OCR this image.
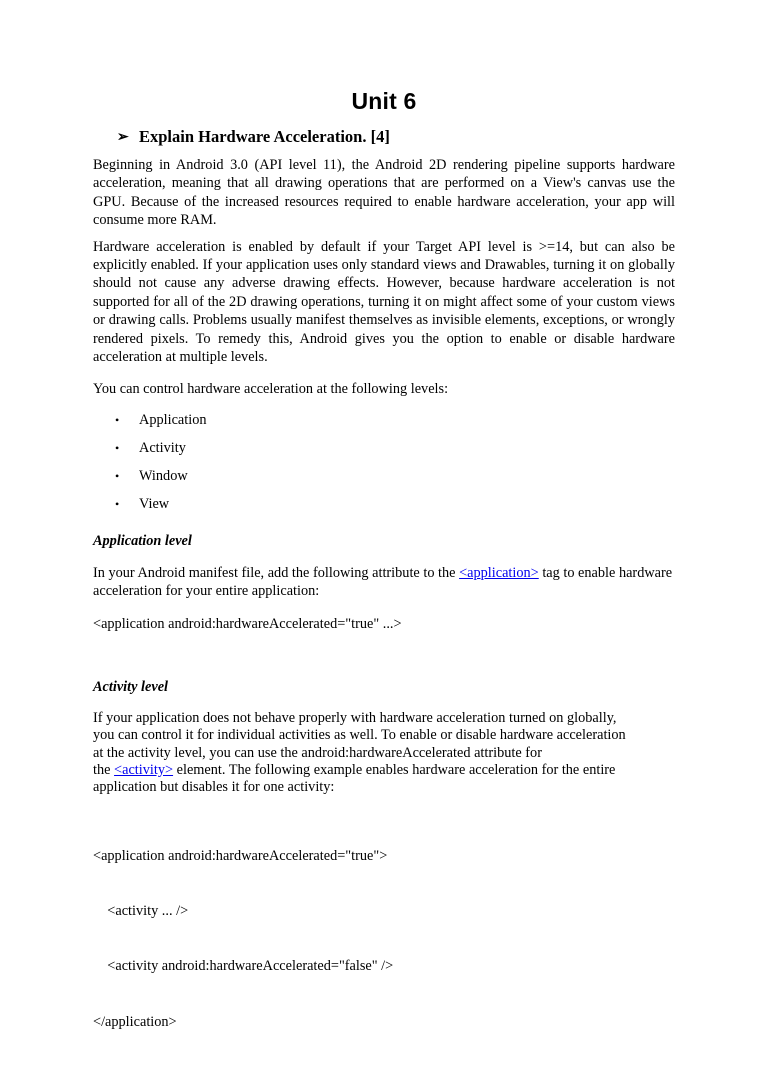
Unit 6
➢ Explain Hardware Acceleration. [4]

Beginning in Android 3.0 (API level 11), the Android 2D rendering pipeline supports hardware acceleration, meaning that all drawing operations that are performed on a View's canvas use the GPU. Because of the increased resources required to enable hardware acceleration, your app will consume more RAM.

Hardware acceleration is enabled by default if your Target API level is >=14, but can also be explicitly enabled. If your application uses only standard views and Drawables, turning it on globally should not cause any adverse drawing effects. However, because hardware acceleration is not supported for all of the 2D drawing operations, turning it on might affect some of your custom views or drawing calls. Problems usually manifest themselves as invisible elements, exceptions, or wrongly rendered pixels. To remedy this, Android gives you the option to enable or disable hardware acceleration at multiple levels.

You can control hardware acceleration at the following levels:

•	Application
•	Activity
•	Window
•	View
Application level

In your Android manifest file, add the following attribute to the <application> tag to enable hardware acceleration for your entire application:

<application android:hardwareAccelerated="true" ...>

Activity level

If your application does not behave properly with hardware acceleration turned on globally,
you can control it for individual activities as well. To enable or disable hardware acceleration
at the activity level, you can use the android:hardwareAccelerated attribute for
the <activity> element. The following example enables hardware acceleration for the entire
application but disables it for one activity:

<application android:hardwareAccelerated="true">

<activity ... />

<activity android:hardwareAccelerated="false" />

</application>
